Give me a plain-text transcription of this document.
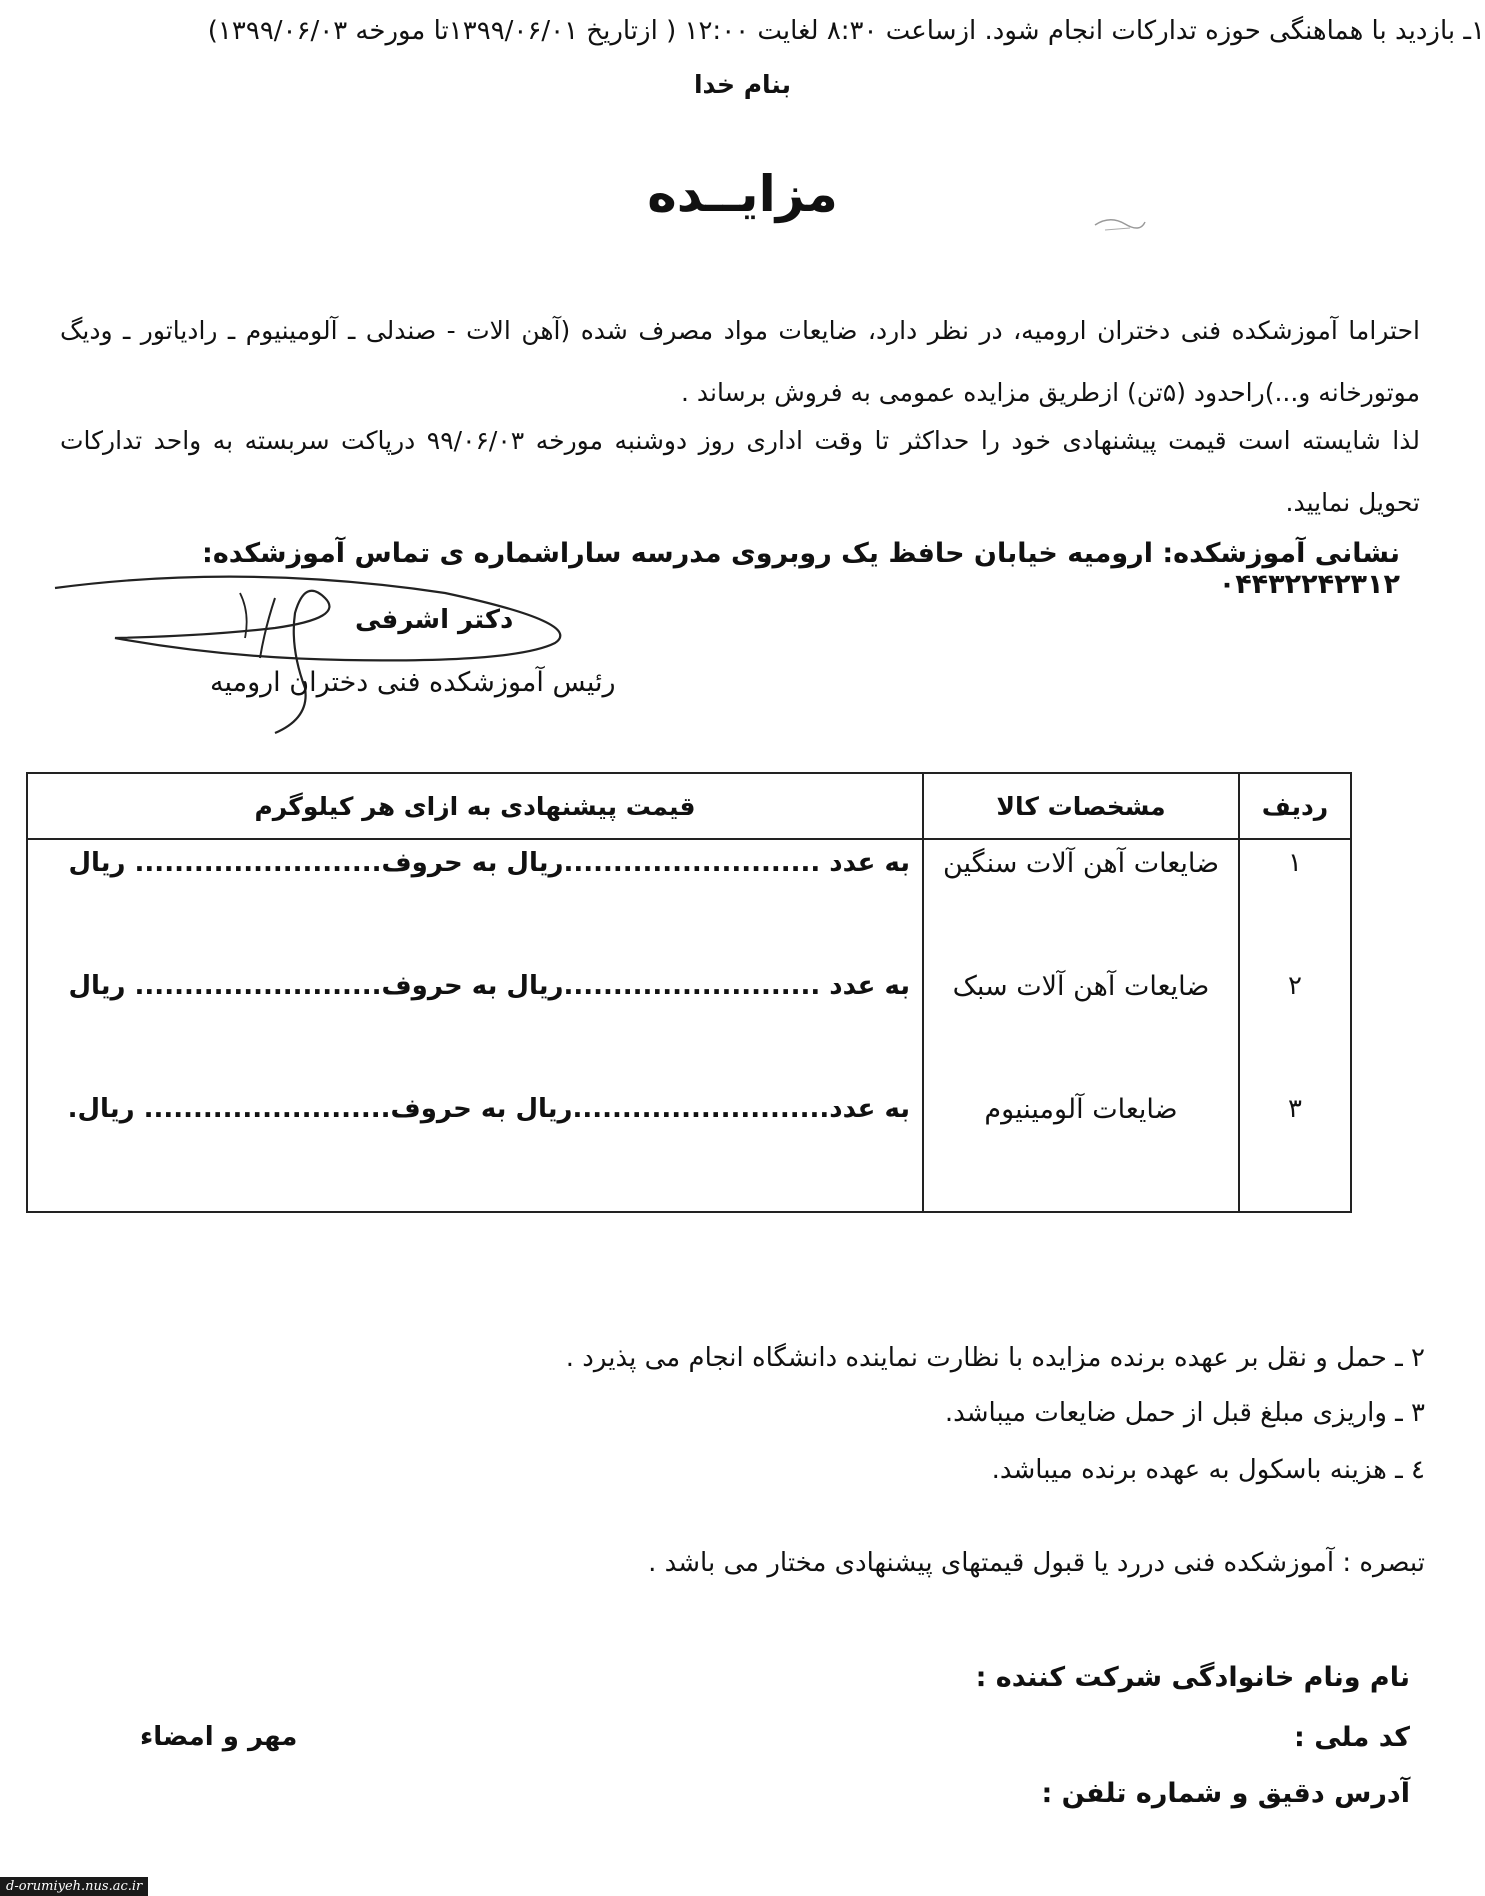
بنام خدا
مزایــده
احتراما آموزشکده فنی دختران ارومیه، در نظر دارد، ضایعات مواد مصرف شده (آهن الات - صندلی ـ آلومینیوم ـ رادیاتور ـ ودیگ موتورخانه و...)راحدود (۵تن) ازطریق مزایده عمومی به فروش برساند .
لذا شایسته است قیمت پیشنهادی خود را حداکثر تا وقت اداری روز دوشنبه مورخه ۹۹/۰۶/۰۳ درپاکت سربسته به واحد تدارکات تحویل نمایید.
نشانی آموزشکده: ارومیه خیابان حافظ یک روبروی مدرسه ساراشماره ی تماس آموزشکده: ۰۴۴۳۲۲۴۲۳۱۲
دکتر اشرفی
رئیس آموزشکده فنی دختران ارومیه
ردیف	مشخصات کالا	قیمت پیشنهادی به ازای هر کیلوگرم
۱	ضایعات آهن آلات سنگین	به عدد ..........................ریال به حروف......................... ریال
۲	ضایعات آهن آلات سبک	به عدد ..........................ریال به حروف......................... ریال
۳	ضایعات آلومینیوم	به عدد..........................ریال به حروف......................... ریال.
۱ـ بازدید با هماهنگی حوزه تدارکات انجام شود. ازساعت ۸:۳۰ لغایت ۱۲:۰۰ ( ازتاریخ ۱۳۹۹/۰۶/۰۱تا مورخه ۱۳۹۹/۰۶/۰۳)
۲ ـ حمل و نقل بر عهده برنده مزایده با نظارت نماینده دانشگاه انجام می پذیرد .
۳ ـ واریزی مبلغ قبل از حمل ضایعات میباشد.
٤ ـ هزینه باسکول به عهده برنده میباشد.
تبصره : آموزشکده فنی دررد یا قبول قیمتهای پیشنهادی مختار می باشد .
نام ونام خانوادگی شرکت کننده :
کد ملی :
مهر و امضاء
آدرس دقیق و شماره تلفن :
d-orumiyeh.nus.ac.ir
